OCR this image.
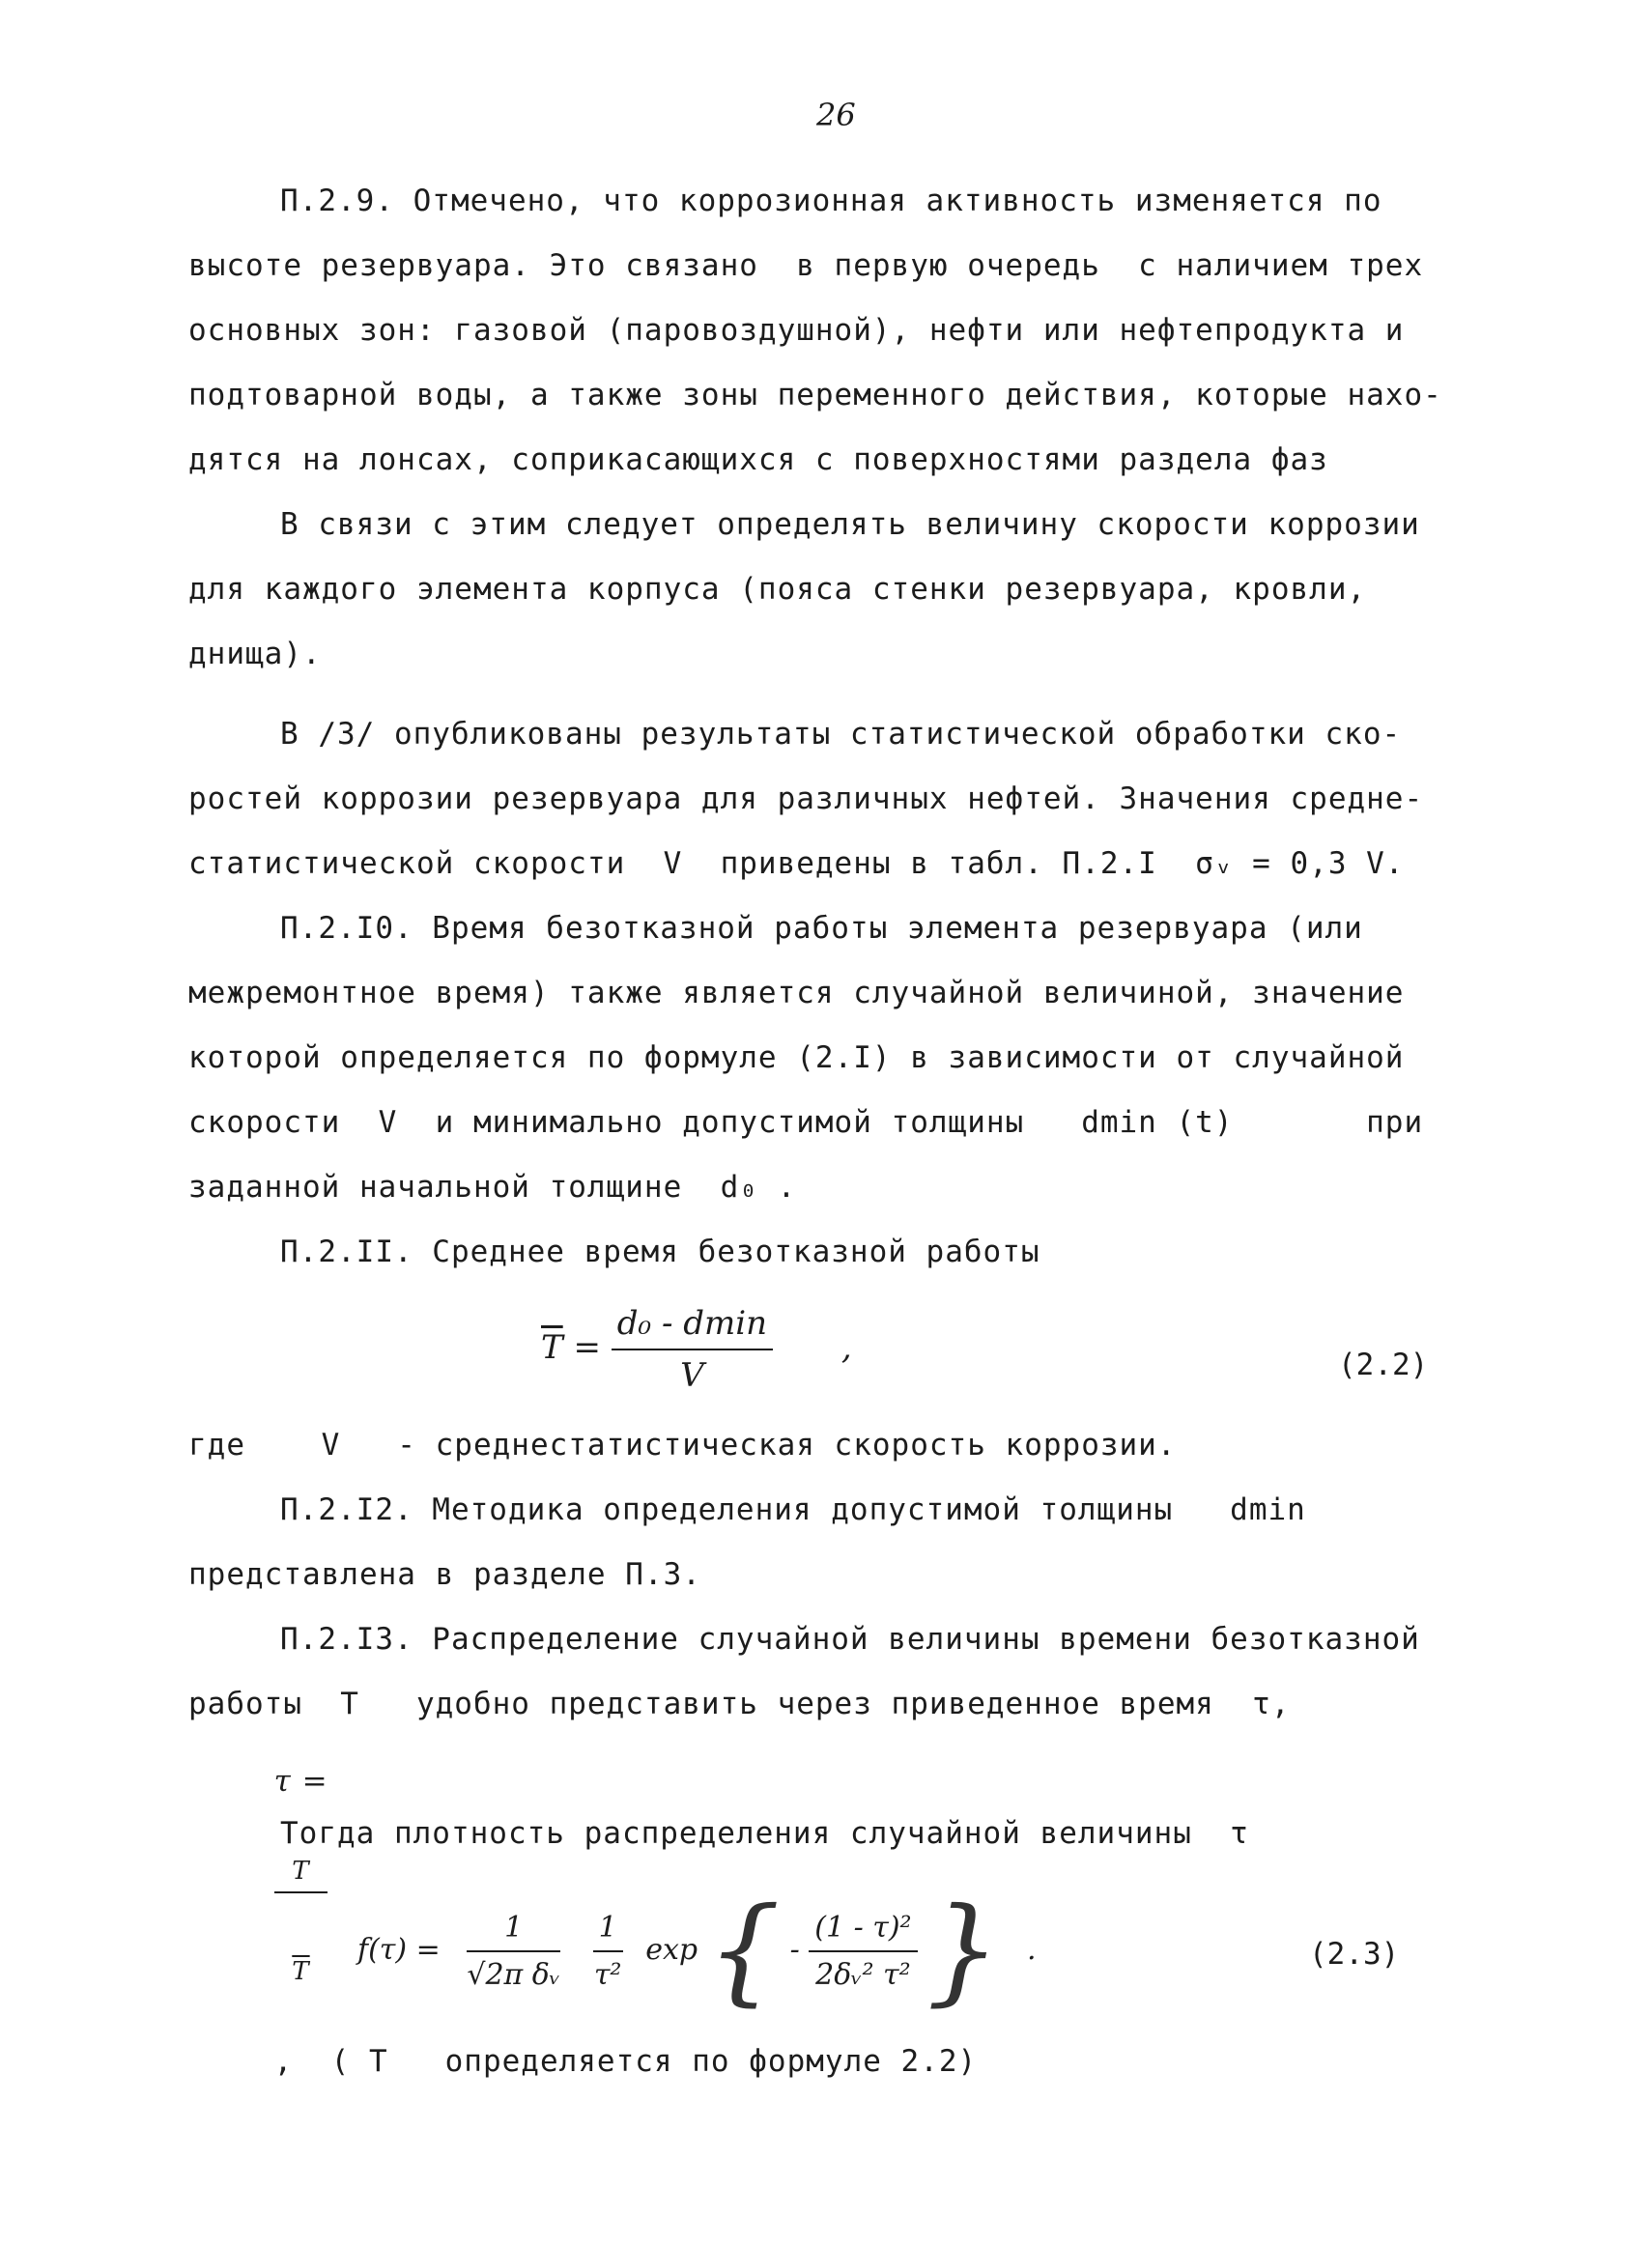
26
П.2.9. Отмечено, что коррозионная активность изменяется по
высоте резервуара. Это связано  в первую очередь  с наличием трех
основных зон: газовой (паровоздушной), нефти или нефтепродукта и
подтоварной воды, а также зоны переменного действия, которые нахо-
дятся на лонсах, соприкасающихся с поверхностями раздела фаз
В связи с этим следует определять величину скорости коррозии
для каждого элемента корпуса (пояса стенки резервуара, кровли,
днища).
В /3/ опубликованы результаты статистической обработки ско-
ростей коррозии резервуара для различных нефтей. Значения средне-
статистической скорости  V  приведены в табл. П.2.I  σᵥ = 0,3 V.
П.2.I0. Время безотказной работы элемента резервуара (или
межремонтное время) также является случайной величиной, значение
которой определяется по формуле (2.I) в зависимости от случайной
скорости  V  и минимально допустимой толщины   dmin (t)       при
заданной начальной толщине  d₀ .
П.2.II. Среднее время безотказной работы
$\overline{T} = \frac{\text{d₀ - dmin}}{V}$ ,	(2.2)
где    V   - среднестатистическая скорость коррозии.
П.2.I2. Методика определения допустимой толщины   dmin
представлена в разделе П.3.
П.2.I3. Распределение случайной величины времени безотказной
работы  T   удобно представить через приведенное время  τ,

τ =

$\frac{T}{T}$

,  ( T   определяется по формуле 2.2)

Тогда плотность распределения случайной величины  τ
$f(\tau) = \frac{1}{\text{√2π δᵥ}}$
$\frac{1}{\text{τ²}}$ exp { - $\frac{\text{(1 - τ)²}}{\text{2δᵥ² τ²}}$ } .	(2.3)
